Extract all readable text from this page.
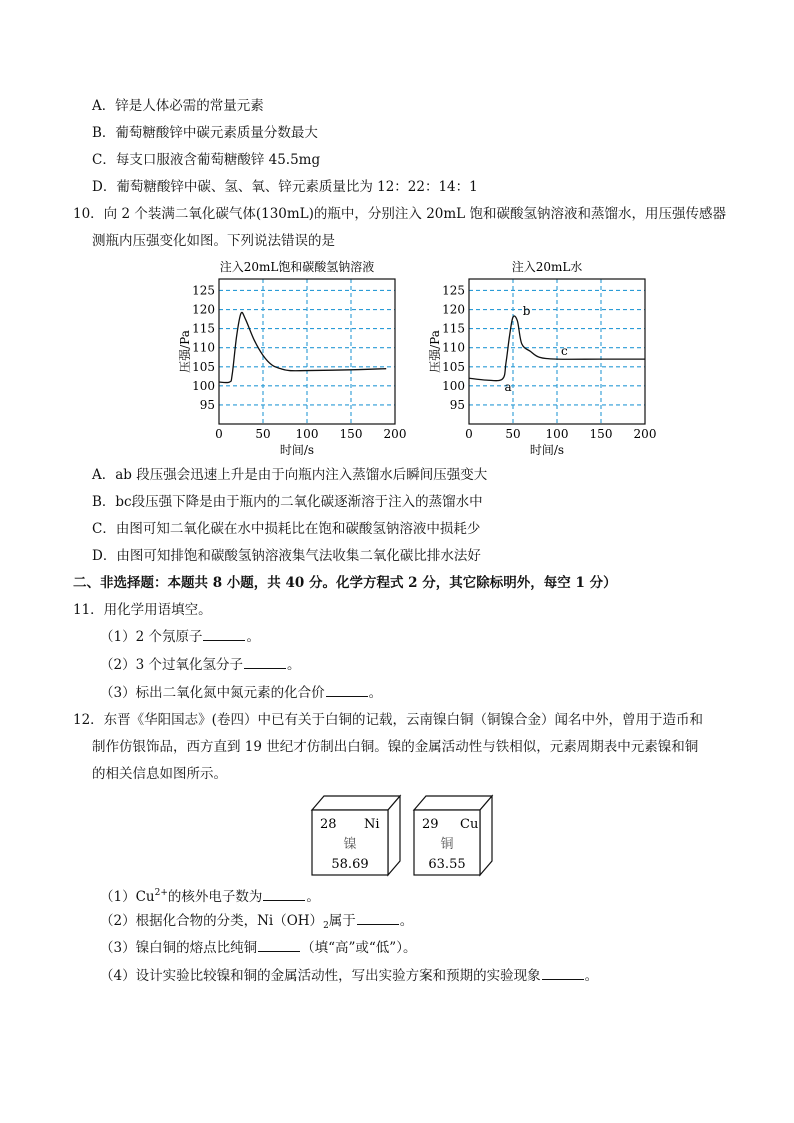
A．锌是人体必需的常量元素
B．葡萄糖酸锌中碳元素质量分数最大
C．每支口服液含葡萄糖酸锌 45.5mg
D．葡萄糖酸锌中碳、氢、氧、锌元素质量比为 12：22：14：1
10．向 2 个装满二氧化碳气体(130mL)的瓶中，分别注入 20mL 饱和碳酸氢钠溶液和蒸馏水，用压强传感器
测瓶内压强变化如图。下列说法错误的是
注入20mL饱和碳酸氢钠溶液
0	50 100 150 200
95
100
105
110
115
120
125
时间/s
压强/Pa
注入20mL水
0	50 100 150 200
95
100
105
110
115
120
125
时间/s
压强/Pa
a
b
c
A．ab 段压强会迅速上升是由于向瓶内注入蒸馏水后瞬间压强变大
B．bc段压强下降是由于瓶内的二氧化碳逐渐溶于注入的蒸馏水中
C．由图可知二氧化碳在水中损耗比在饱和碳酸氢钠溶液中损耗少
D．由图可知排饱和碳酸氢钠溶液集气法收集二氧化碳比排水法好
二、非选择题：本题共 8 小题，共 40 分。化学方程式 2 分，其它除标明外，每空 1 分）
11．用化学用语填空。
（1）2 个氖原子	。
（2）3 个过氧化氢分子	。
（3）标出二氧化氮中氮元素的化合价	。
12．东晋《华阳国志》(卷四）中已有关于白铜的记载，云南镍白铜（铜镍合金）闻名中外，曾用于造币和
制作仿银饰品，西方直到 19 世纪才仿制出白铜。镍的金属活动性与铁相似，元素周期表中元素镍和铜
的相关信息如图所示。
28 Ni
镍
58.69
29 Cu
铜
63.55
$(1)Cu^{2+}$的核外电子数为	。
（2）根据化合物的分类，$Ni(OH)_2$属于	。
（3）镍白铜的熔点比纯铜	（填“高”或“低”）。
（4）设计实验比较镍和铜的金属活动性，写出实验方案和预期的实验现象	。
